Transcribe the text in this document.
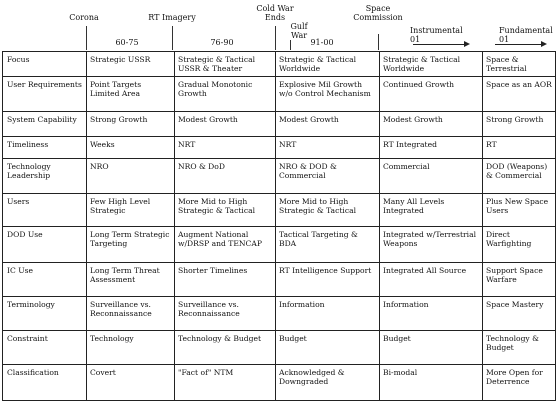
Corona	RT Imagery
Cold War Ends
Gulf War
Space Commission
60-75	76-90	91-00
Instrumental 01
Fundamental 01
Focus	Strategic USSR	Strategic & Tactical USSR & Theater	Strategic & Tactical Worldwide	Strategic & Tactical Worldwide	Space & Terrestrial
User Requirements	Point Targets Limited Area	Gradual Monotonic Growth	Explosive Mil Growth w/o Control Mechanism	Continued Growth	Space as an AOR
System Capability	Strong Growth	Modest Growth	Modest Growth	Modest Growth	Strong Growth
Timeliness	Weeks	NRT	NRT	RT Integrated	RT
Technology Leadership	NRO	NRO & DoD	NRO & DOD & Commercial	Commercial	DOD (Weapons) & Commercial
Users	Few High Level Strategic	More Mid to High Strategic & Tactical	More Mid to High Strategic & Tactical	Many All Levels Integrated	Plus New Space Users
DOD Use	Long Term Strategic Targeting	Augment National w/DRSP and TENCAP	Tactical Targeting & BDA	Integrated w/Terrestrial Weapons	Direct Warfighting
IC Use	Long Term Threat Assessment	Shorter Timelines	RT Intelligence Support	Integrated All Source	Support Space Warfare
Terminology	Surveillance vs. Reconnaissance	Surveillance vs. Reconnaissance	Information	Information	Space Mastery
Constraint	Technology	Technology & Budget	Budget	Budget	Technology & Budget
Classification	Covert	"Fact of" NTM	Acknowledged & Downgraded	Bi-modal	More Open for Deterrence
